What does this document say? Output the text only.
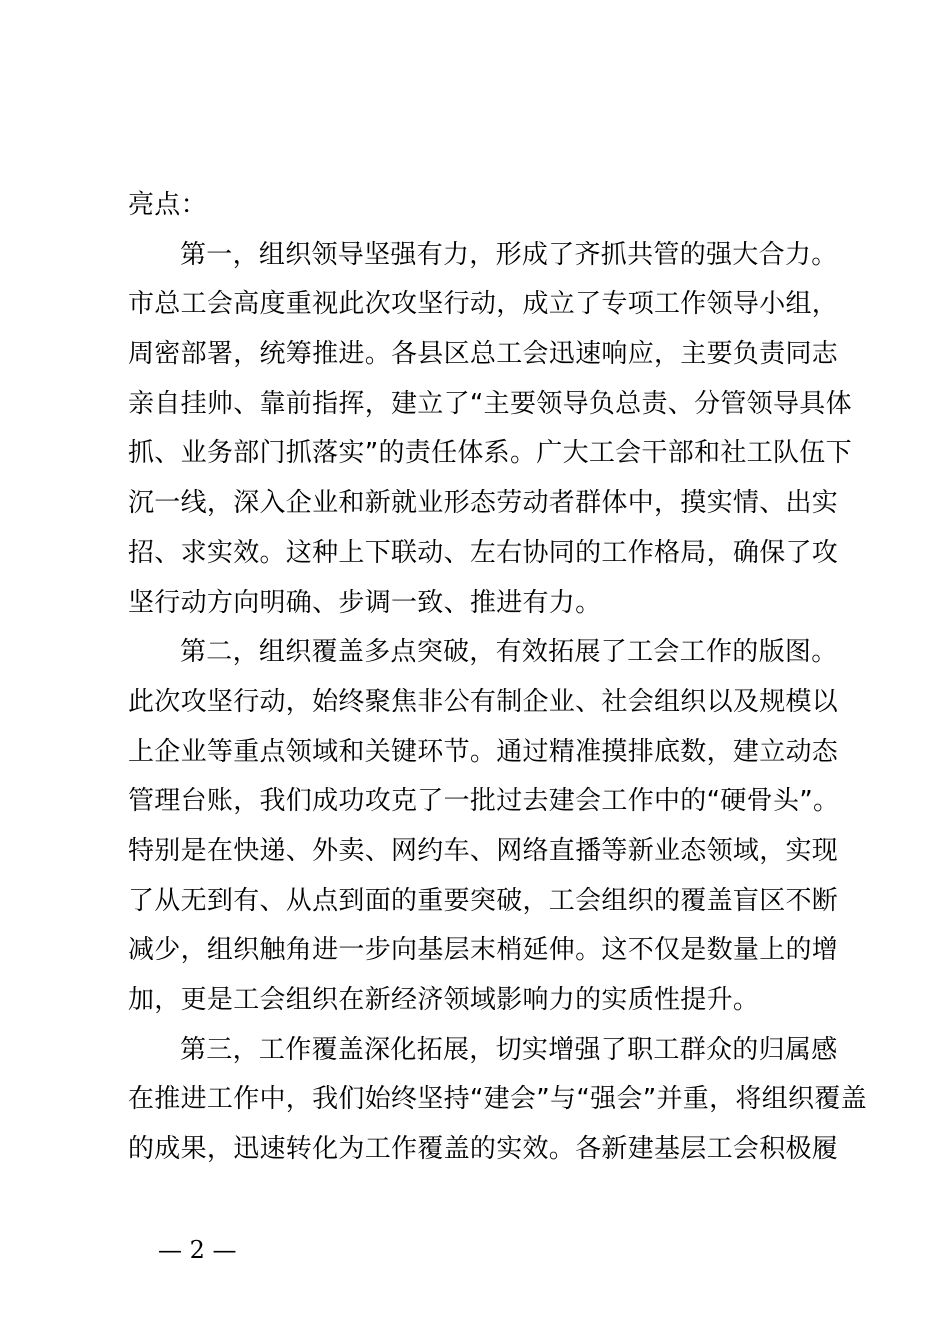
亮点：
第一，组织领导坚强有力，形成了齐抓共管的强大合力。
市总工会高度重视此次攻坚行动，成立了专项工作领导小组，
周密部署，统筹推进。各县区总工会迅速响应，主要负责同志
亲自挂帅、靠前指挥，建立了“主要领导负总责、分管领导具体
抓、业务部门抓落实”的责任体系。广大工会干部和社工队伍下
沉一线，深入企业和新就业形态劳动者群体中，摸实情、出实
招、求实效。这种上下联动、左右协同的工作格局，确保了攻
坚行动方向明确、步调一致、推进有力。
第二，组织覆盖多点突破，有效拓展了工会工作的版图。
此次攻坚行动，始终聚焦非公有制企业、社会组织以及规模以
上企业等重点领域和关键环节。通过精准摸排底数，建立动态
管理台账，我们成功攻克了一批过去建会工作中的“硬骨头”。
特别是在快递、外卖、网约车、网络直播等新业态领域，实现
了从无到有、从点到面的重要突破，工会组织的覆盖盲区不断
减少，组织触角进一步向基层末梢延伸。这不仅是数量上的增
加，更是工会组织在新经济领域影响力的实质性提升。
第三，工作覆盖深化拓展，切实增强了职工群众的归属感
在推进工作中，我们始终坚持“建会”与“强会”并重，将组织覆盖
的成果，迅速转化为工作覆盖的实效。各新建基层工会积极履
— 2 —
